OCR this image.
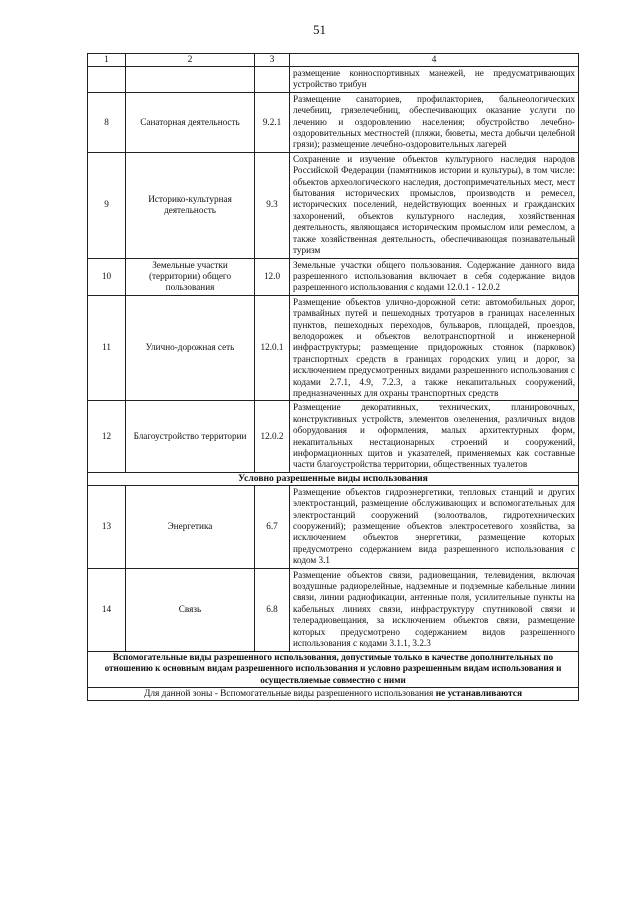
51
1	2	3	4
			размещение конноспортивных манежей, не предусматривающих устройство трибун
8	Санаторная деятельность	9.2.1	Размещение санаториев, профилакториев, бальнеологических лечебниц, грязелечебниц, обеспечивающих оказание услуги по лечению и оздоровлению населения; обустройство лечебно-оздоровительных местностей (пляжи, бюветы, места добычи целебной грязи); размещение лечебно-оздоровительных лагерей
9	Историко-культурная деятельность	9.3	Сохранение и изучение объектов культурного наследия народов Российской Федерации (памятников истории и культуры), в том числе: объектов археологического наследия, достопримечательных мест, мест бытования исторических промыслов, производств и ремесел, исторических поселений, недействующих военных и гражданских захоронений, объектов культурного наследия, хозяйственная деятельность, являющаяся историческим промыслом или ремеслом, а также хозяйственная деятельность, обеспечивающая познавательный туризм
10	Земельные участки (территории) общего пользования	12.0	Земельные участки общего пользования. Содержание данного вида разрешенного использования включает в себя содержание видов разрешенного использования с кодами 12.0.1 - 12.0.2
11	Улично-дорожная сеть	12.0.1	Размещение объектов улично-дорожной сети: автомобильных дорог, трамвайных путей и пешеходных тротуаров в границах населенных пунктов, пешеходных переходов, бульваров, площадей, проездов, велодорожек и объектов велотранспортной и инженерной инфраструктуры; размещение придорожных стоянок (парковок) транспортных средств в границах городских улиц и дорог, за исключением предусмотренных видами разрешенного использования с кодами 2.7.1, 4.9, 7.2.3, а также некапитальных сооружений, предназначенных для охраны транспортных средств
12	Благоустройство территории	12.0.2	Размещение декоративных, технических, планировочных, конструктивных устройств, элементов озеленения, различных видов оборудования и оформления, малых архитектурных форм, некапитальных нестационарных строений и сооружений, информационных щитов и указателей, применяемых как составные части благоустройства территории, общественных туалетов
Условно разрешенные виды использования			
13	Энергетика	6.7	Размещение объектов гидроэнергетики, тепловых станций и других электростанций, размещение обслуживающих и вспомогательных для электростанций сооружений (золоотвалов, гидротехнических сооружений); размещение объектов электросетевого хозяйства, за исключением объектов энергетики, размещение которых предусмотрено содержанием вида разрешенного использования с кодом 3.1
14	Связь	6.8	Размещение объектов связи, радиовещания, телевидения, включая воздушные радиорелейные, надземные и подземные кабельные линии связи, линии радиофикации, антенные поля, усилительные пункты на кабельных линиях связи, инфраструктуру спутниковой связи и телерадиовещания, за исключением объектов связи, размещение которых предусмотрено содержанием видов разрешенного использования с кодами 3.1.1, 3.2.3
Вспомогательные виды разрешенного использования, допустимые только в качестве дополнительных по отношению к основным видам разрешенного использования и условно разрешенным видам использования и осуществляемые совместно с ними			
Для данной зоны - Вспомогательные виды разрешенного использования не устанавливаются			
